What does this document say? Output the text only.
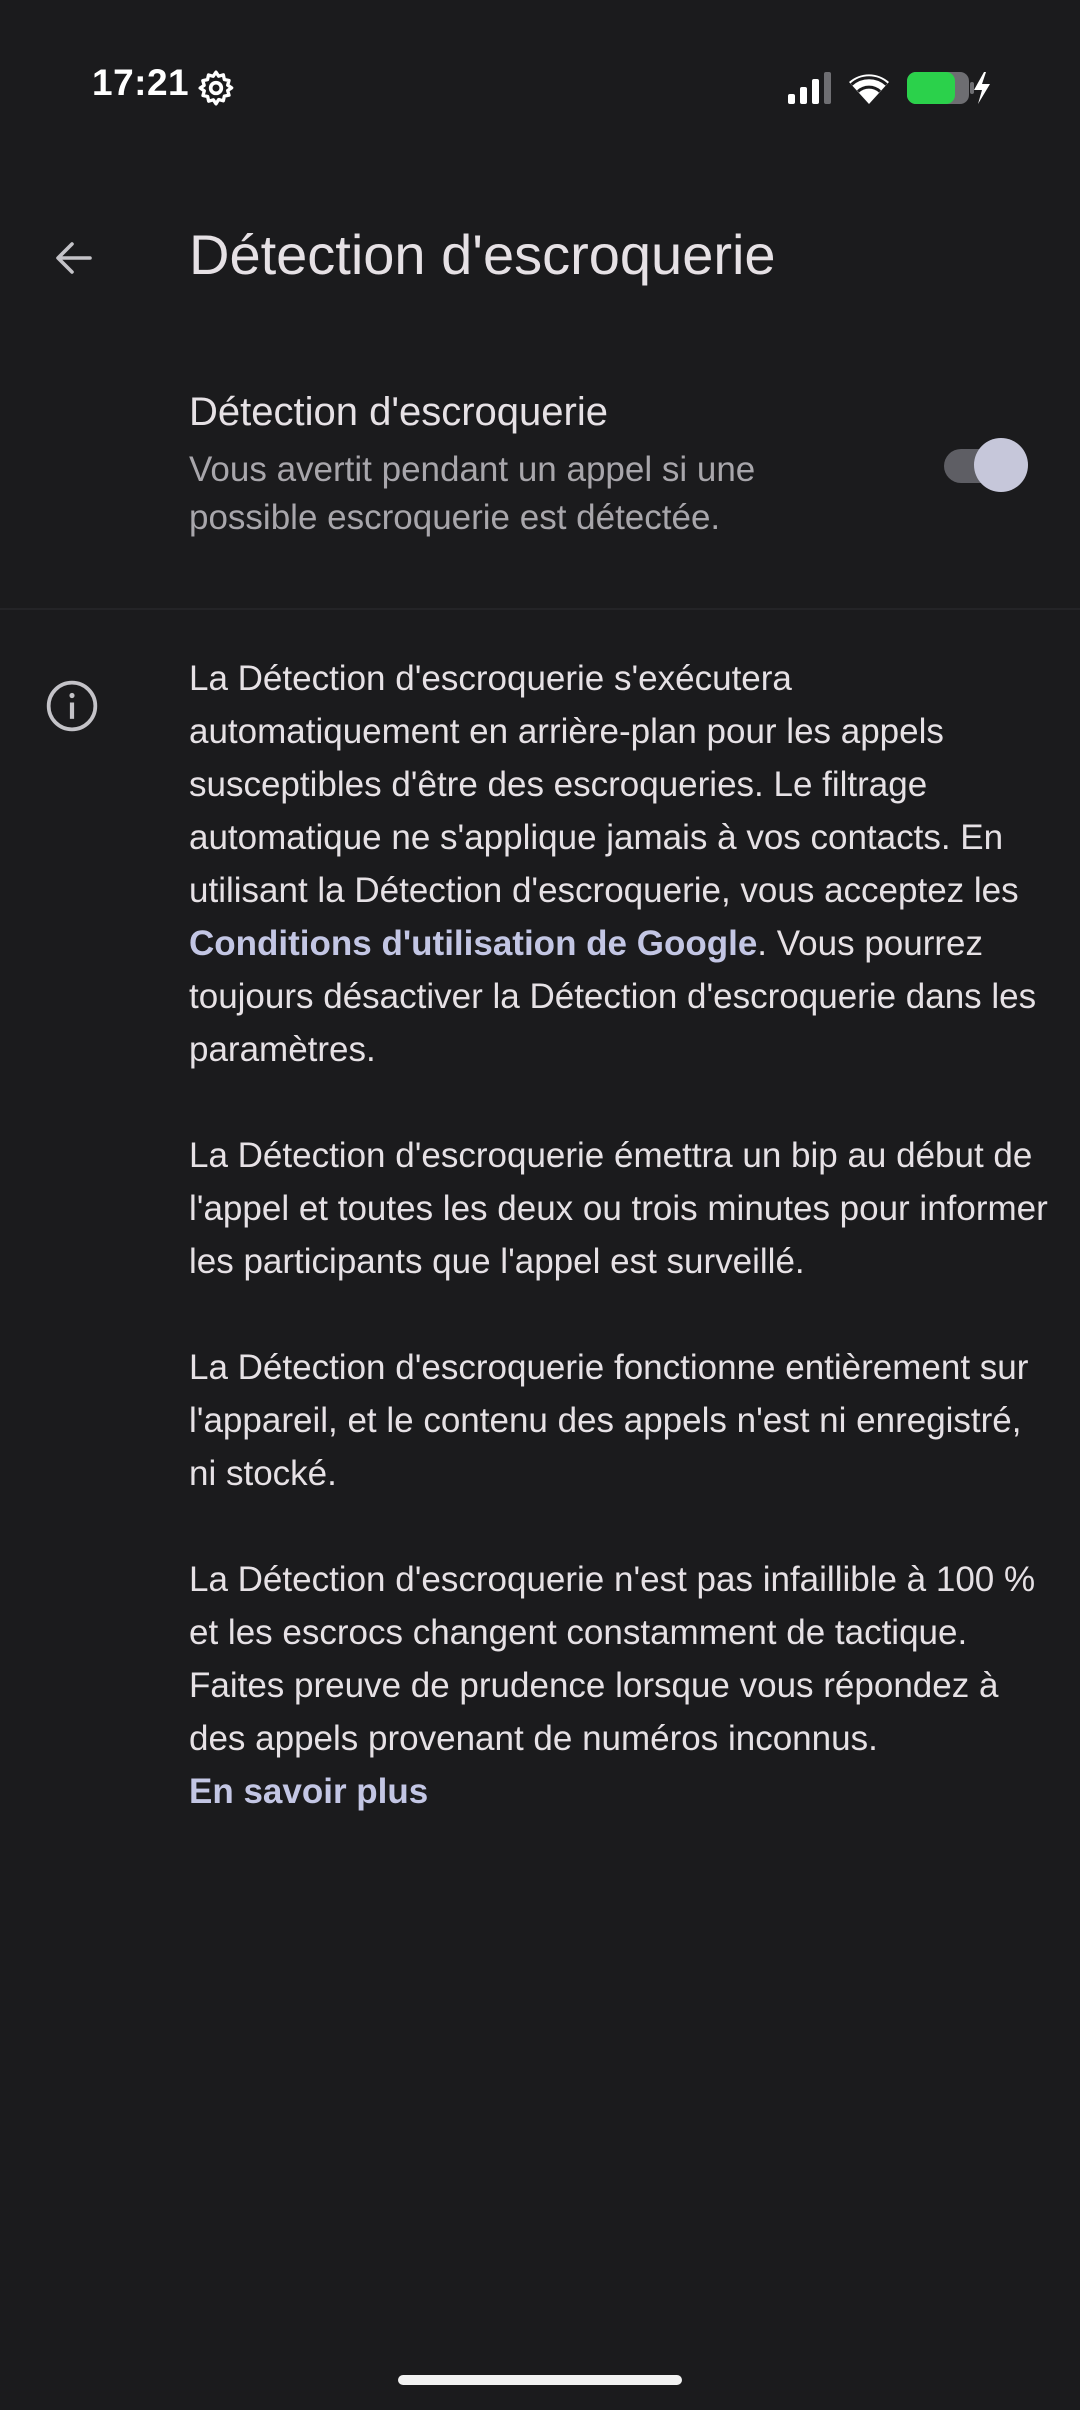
17:21
Détection d'escroquerie
Détection d'escroquerie
Vous avertit pendant un appel si une possible escroquerie est détectée.

La Détection d'escroquerie s'exécutera automatiquement en arrière-plan pour les appels susceptibles d'être des escroqueries. Le filtrage automatique ne s'applique jamais à vos contacts. En utilisant la Détection d'escroquerie, vous acceptez les Conditions d'utilisation de Google. Vous pourrez toujours désactiver la Détection d'escroquerie dans les paramètres.

La Détection d'escroquerie émettra un bip au début de l'appel et toutes les deux ou trois minutes pour informer les participants que l'appel est surveillé.

La Détection d'escroquerie fonctionne entièrement sur l'appareil, et le contenu des appels n'est ni enregistré, ni stocké.

La Détection d'escroquerie n'est pas infaillible à 100 % et les escrocs changent constamment de tactique. Faites preuve de prudence lorsque vous répondez à des appels provenant de numéros inconnus.

En savoir plus
